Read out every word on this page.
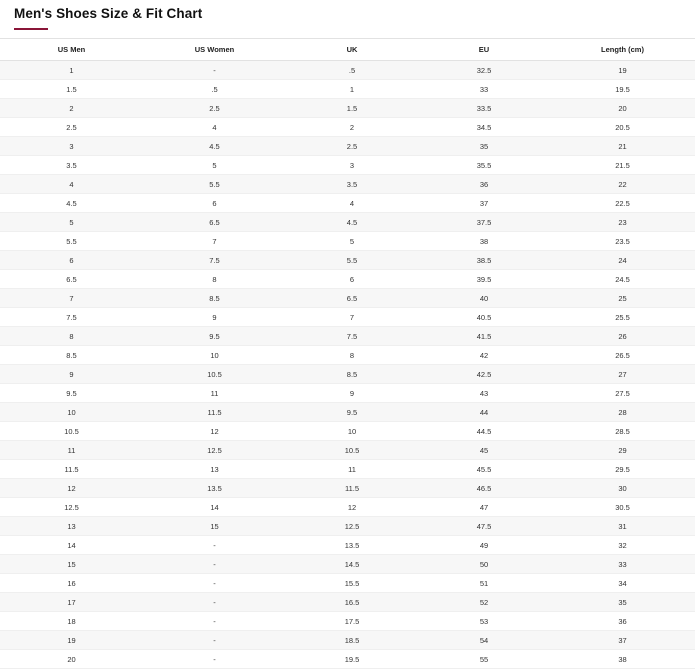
Men's Shoes Size & Fit Chart
US Men	US Women	UK	EU	Length (cm)
1	-	.5	32.5	19
1.5	.5	1	33	19.5
2	2.5	1.5	33.5	20
2.5	4	2	34.5	20.5
3	4.5	2.5	35	21
3.5	5	3	35.5	21.5
4	5.5	3.5	36	22
4.5	6	4	37	22.5
5	6.5	4.5	37.5	23
5.5	7	5	38	23.5
6	7.5	5.5	38.5	24
6.5	8	6	39.5	24.5
7	8.5	6.5	40	25
7.5	9	7	40.5	25.5
8	9.5	7.5	41.5	26
8.5	10	8	42	26.5
9	10.5	8.5	42.5	27
9.5	11	9	43	27.5
10	11.5	9.5	44	28
10.5	12	10	44.5	28.5
11	12.5	10.5	45	29
11.5	13	11	45.5	29.5
12	13.5	11.5	46.5	30
12.5	14	12	47	30.5
13	15	12.5	47.5	31
14	-	13.5	49	32
15	-	14.5	50	33
16	-	15.5	51	34
17	-	16.5	52	35
18	-	17.5	53	36
19	-	18.5	54	37
20	-	19.5	55	38
